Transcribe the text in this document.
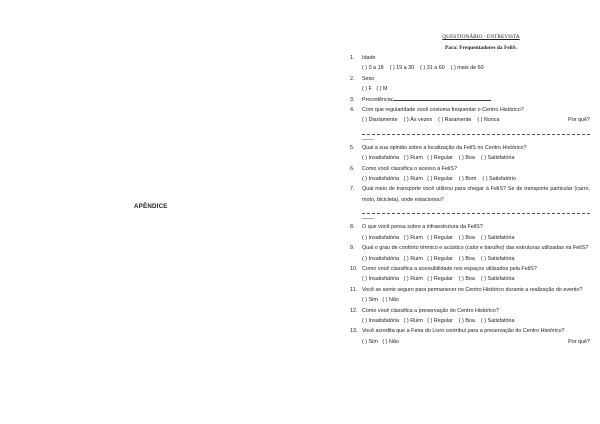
APÊNDICE
QUESTIONÁRIO - ENTREVISTA
Para: Frequentadores da FeliS.
1.	Idade
( ) 0 a 18    ( ) 19 a 30    ( ) 31 a 60    ( ) mais de 60
2.	Sexo
( ) F   ( ) M
3.	Procedência:
4.	Com que regularidade você costuma frequentar o Centro Histórico?
( ) Diariamente    ( ) Às vezes    ( ) Raramente    ( ) Nunca	Por quê?
____
5.	Qual a sua opinião sobre a localização da FeliS no Centro Histórico?
( ) Insatisfatória   ( ) Ruim   ( ) Regular    ( ) Boa    ( ) Satisfatória
6.	Como você classifica o acesso à FeliS?
( ) Insatisfatória   ( ) Ruim   ( ) Regular    ( ) Bom    ( ) Satisfatório
7.	Qual meio de transporte você utilizou para chegar à FeliS? Se de transporte particular (carro, moto, bicicleta), onde estacionou?
____
8.	O que você pensa sobre a infraestrutura da FeliS?
( ) Insatisfatória   ( ) Ruim   ( ) Regular    ( ) Boa    ( ) Satisfatória
9.	Qual o grau de conforto térmico e acústico (calor e barulho) das estruturas utilizadas na FeliS?
( ) Insatisfatória   ( ) Ruim   ( ) Regular    ( ) Boa    ( ) Satisfatória
10. Como você classifica a acessibilidade nos espaços utilizados pela FeliS?
( ) Insatisfatória   ( ) Ruim   ( ) Regular    ( ) Boa    ( ) Satisfatória
11. Você se sente seguro para permanecer no Centro Histórico durante a realização do evento?
( ) Sim   ( ) Não
12. Como você classifica a preservação do Centro Histórico?
( ) Insatisfatória   ( ) Ruim   ( ) Regular    ( ) Boa    ( ) Satisfatória
13. Você acredita que a Feira do Livro contribui para a preservação do Centro Histórico?
( ) Sim   ( ) Não	Por quê?
